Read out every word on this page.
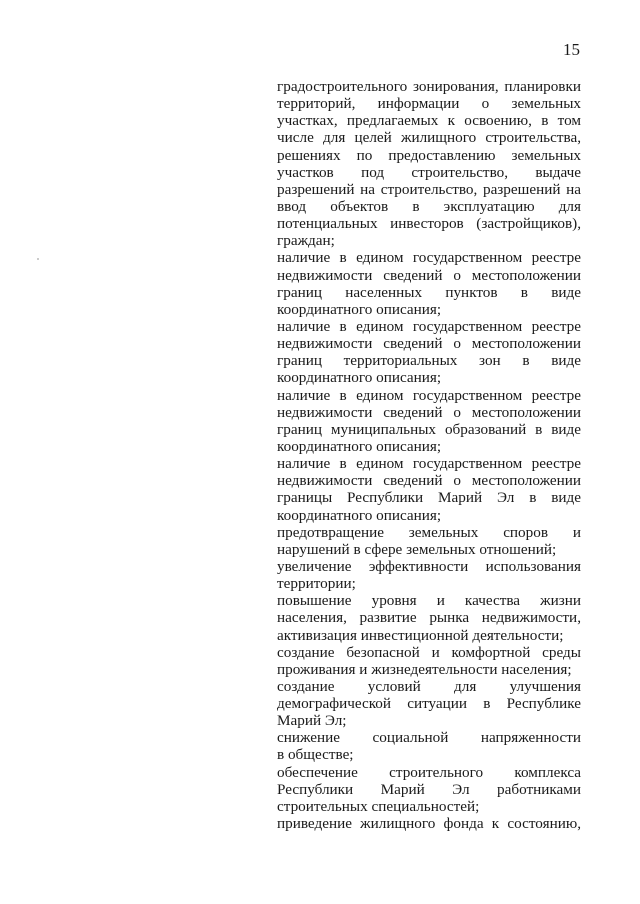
15
градостроительного зонирования, планировки
территорий, информации о земельных
участках, предлагаемых к освоению, в том
числе для целей жилищного строительства,
решениях по предоставлению земельных
участков под строительство, выдаче
разрешений на строительство, разрешений на
ввод объектов в эксплуатацию для
потенциальных инвесторов (застройщиков),
граждан;
наличие в едином государственном реестре
недвижимости сведений о местоположении
границ населенных пунктов в виде
координатного описания;
наличие в едином государственном реестре
недвижимости сведений о местоположении
границ территориальных зон в виде
координатного описания;
наличие в едином государственном реестре
недвижимости сведений о местоположении
границ муниципальных образований в виде
координатного описания;
наличие в едином государственном реестре
недвижимости сведений о местоположении
границы Республики Марий Эл в виде
координатного описания;
предотвращение земельных споров и
нарушений в сфере земельных отношений;
увеличение эффективности использования
территории;
повышение уровня и качества жизни
населения, развитие рынка недвижимости,
активизация инвестиционной деятельности;
создание безопасной и комфортной среды
проживания и жизнедеятельности населения;
создание условий для улучшения
демографической ситуации в Республике
Марий Эл;
снижение социальной напряженности
в обществе;
обеспечение строительного комплекса
Республики Марий Эл работниками
строительных специальностей;
приведение жилищного фонда к состоянию,
